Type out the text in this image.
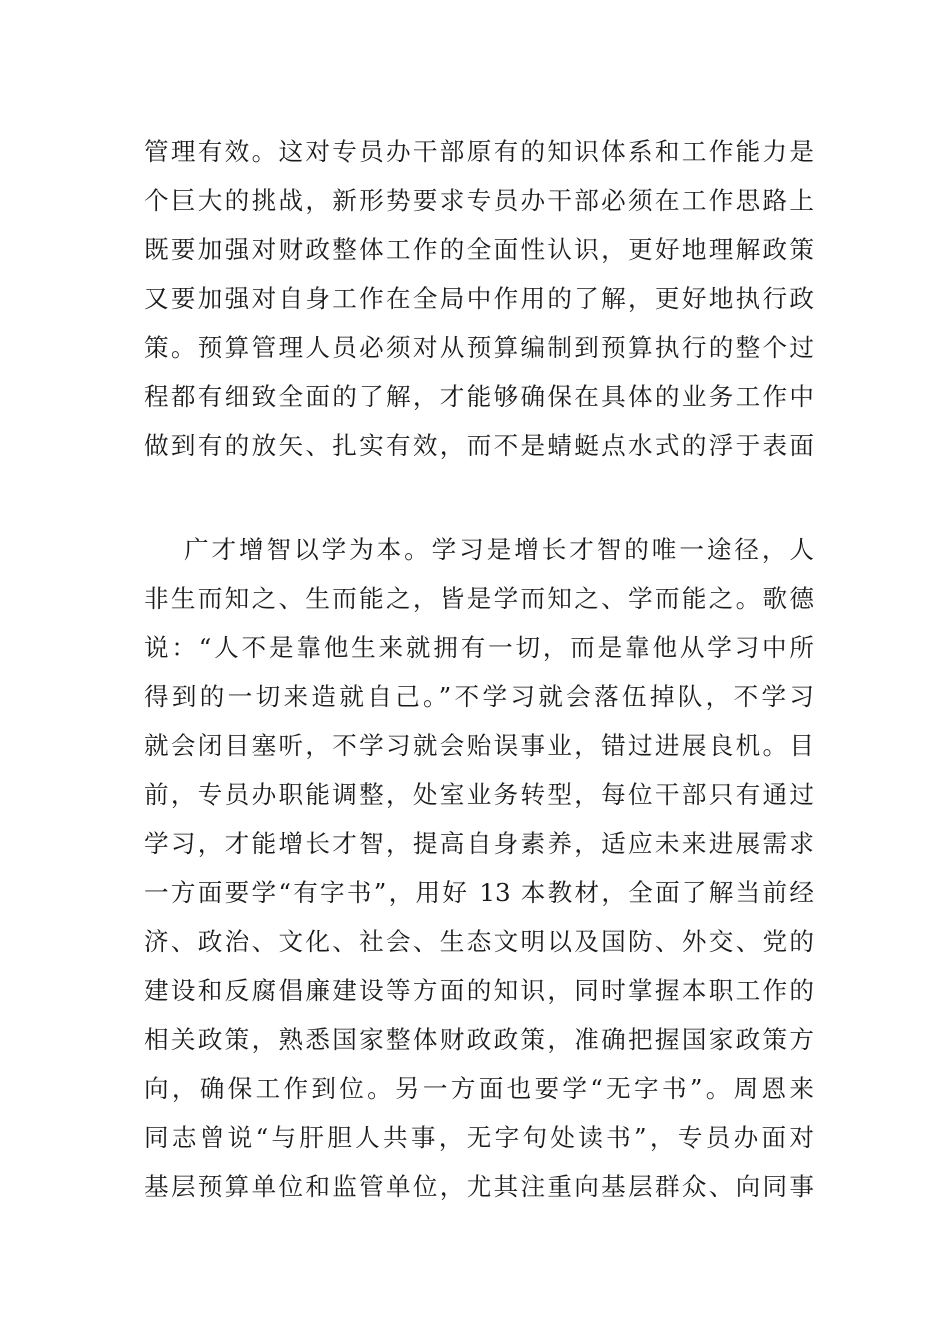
管理有效。这对专员办干部原有的知识体系和工作能力是
个巨大的挑战，新形势要求专员办干部必须在工作思路上
既要加强对财政整体工作的全面性认识，更好地理解政策
又要加强对自身工作在全局中作用的了解，更好地执行政
策。预算管理人员必须对从预算编制到预算执行的整个过
程都有细致全面的了解，才能够确保在具体的业务工作中
做到有的放矢、扎实有效，而不是蜻蜓点水式的浮于表面
广才增智以学为本。学习是增长才智的唯一途径，人
非生而知之、生而能之，皆是学而知之、学而能之。歌德
说：“人不是靠他生来就拥有一切，而是靠他从学习中所
得到的一切来造就自己。”不学习就会落伍掉队，不学习
就会闭目塞听，不学习就会贻误事业，错过进展良机。目
前，专员办职能调整，处室业务转型，每位干部只有通过
学习，才能增长才智，提高自身素养，适应未来进展需求
一方面要学“有字书”，用好 13 本教材，全面了解当前经
济、政治、文化、社会、生态文明以及国防、外交、党的
建设和反腐倡廉建设等方面的知识，同时掌握本职工作的
相关政策，熟悉国家整体财政政策，准确把握国家政策方
向，确保工作到位。另一方面也要学“无字书”。周恩来
同志曾说“与肝胆人共事，无字句处读书”，专员办面对
基层预算单位和监管单位，尤其注重向基层群众、向同事
